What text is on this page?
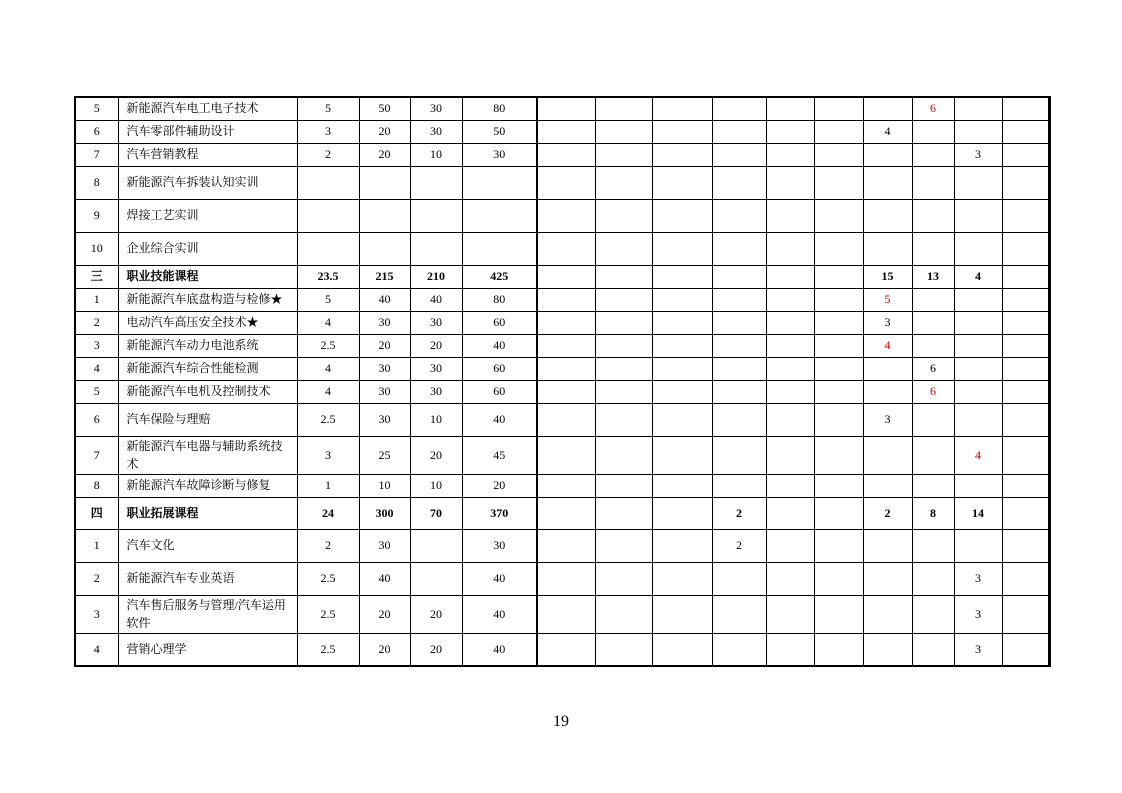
5	新能源汽车电工电子技术	5	50	30	80								6			
6	汽车零部件辅助设计	3	20	30	50							4				
7	汽车营销教程	2	20	10	30									3		
8	新能源汽车拆装认知实训															
9	焊接工艺实训															
10	企业综合实训															
三	职业技能课程	23.5	215	210	425							15	13	4		
1	新能源汽车底盘构造与检修★	5	40	40	80							5				
2	电动汽车高压安全技术★	4	30	30	60							3				
3	新能源汽车动力电池系统	2.5	20	20	40							4				
4	新能源汽车综合性能检测	4	30	30	60								6			
5	新能源汽车电机及控制技术	4	30	30	60								6			
6	汽车保险与理赔	2.5	30	10	40							3				
7	新能源汽车电器与辅助系统技术	3	25	20	45									4		
8	新能源汽车故障诊断与修复	1	10	10	20											
四	职业拓展课程	24	300	70	370				2			2	8	14		
1	汽车文化	2	30		30				2							
2	新能源汽车专业英语	2.5	40		40									3		
3	汽车售后服务与管理/汽车运用软件	2.5	20	20	40									3		
4	营销心理学	2.5	20	20	40									3		
19
